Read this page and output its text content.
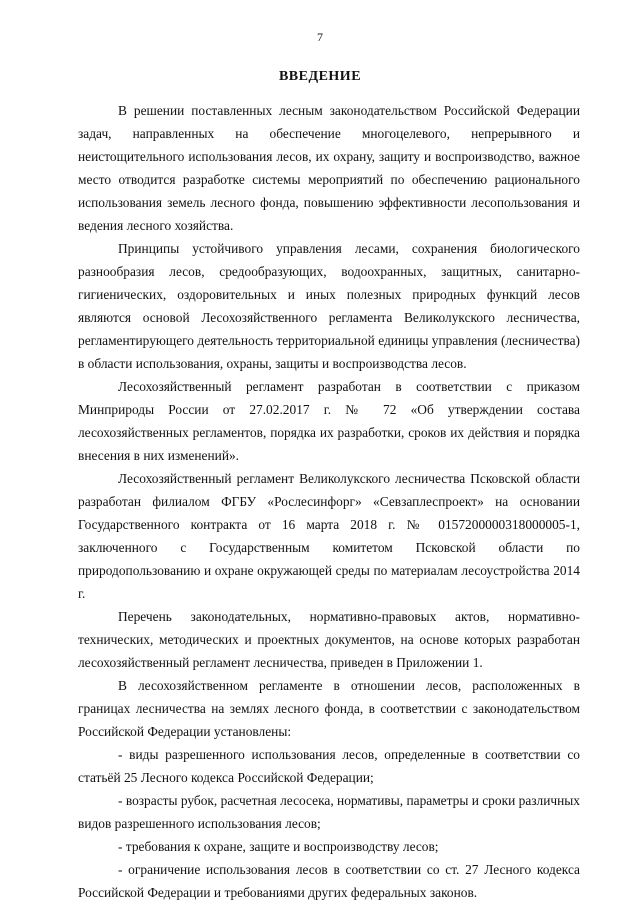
7
ВВЕДЕНИЕ

В решении поставленных лесным законодательством Российской Федерации задач, направленных на обеспечение многоцелевого, непрерывного и неистощительного использования лесов, их охрану, защиту и воспроизводство, важное место отводится разработке системы мероприятий по обеспечению рационального использования земель лесного фонда, повышению эффективности лесопользования и ведения лесного хозяйства.

Принципы устойчивого управления лесами, сохранения биологического разнообразия лесов, средообразующих, водоохранных, защитных, санитарно-гигиенических, оздоровительных и иных полезных природных функций лесов являются основой Лесохозяйственного регламента Великолукского лесничества, регламентирующего деятельность территориальной единицы управления (лесничества) в области использования, охраны, защиты и воспроизводства лесов.

Лесохозяйственный регламент разработан в соответствии с приказом Минприроды России от 27.02.2017 г. № 72 «Об утверждении состава лесохозяйственных регламентов, порядка их разработки, сроков их действия и порядка внесения в них изменений».

Лесохозяйственный регламент Великолукского лесничества Псковской области разработан филиалом ФГБУ «Рослесинфорг» «Севзаплеспроект» на основании Государственного контракта от 16 марта 2018 г. № 0157200000318000005-1, заключенного с Государственным комитетом Псковской области по природопользованию и охране окружающей среды по материалам лесоустройства 2014 г.

Перечень законодательных, нормативно-правовых актов, нормативно-технических, методических и проектных документов, на основе которых разработан лесохозяйственный регламент лесничества, приведен в Приложении 1.

В лесохозяйственном регламенте в отношении лесов, расположенных в границах лесничества на землях лесного фонда, в соответствии с законодательством Российской Федерации установлены:

- виды разрешенного использования лесов, определенные в соответствии со статьёй 25 Лесного кодекса Российской Федерации;

- возрасты рубок, расчетная лесосека, нормативы, параметры и сроки различных видов разрешенного использования лесов;

- требования к охране, защите и воспроизводству лесов;

- ограничение использования лесов в соответствии со ст. 27 Лесного кодекса Российской Федерации и требованиями других федеральных законов.
